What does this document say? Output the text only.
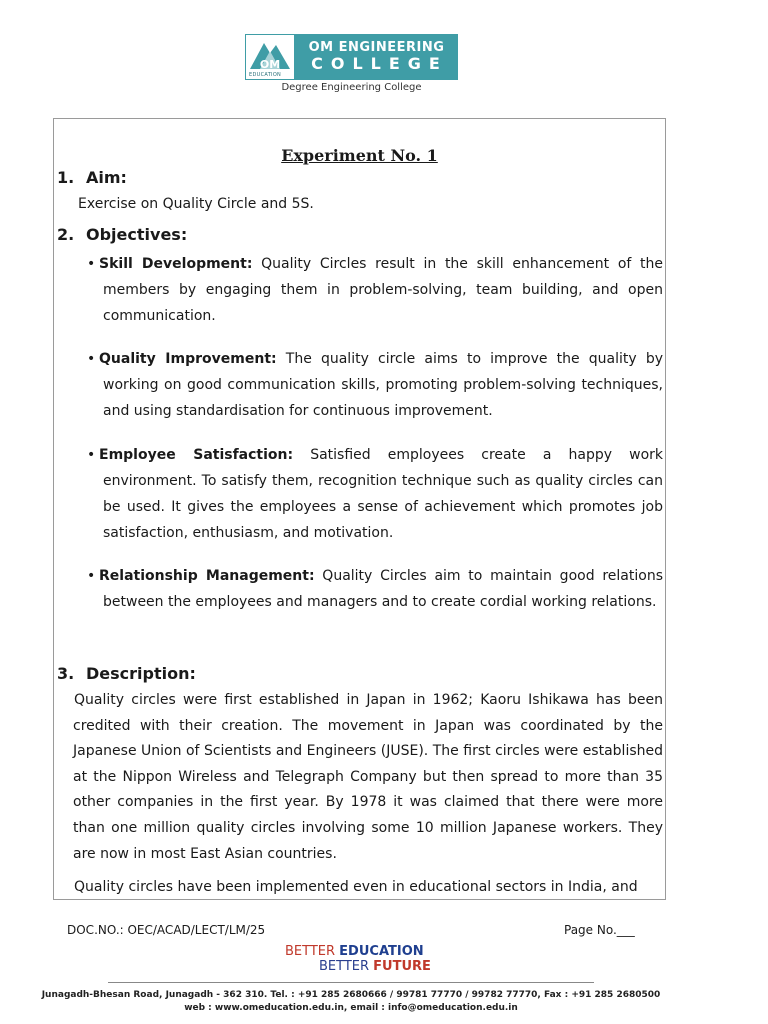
OM
EDUCATION
OM ENGINEERING
COLLEGE
Degree Engineering College
Experiment No. 1
1. Aim:

Exercise on Quality Circle and 5S.

2. Objectives:

• Skill Development: Quality Circles result in the skill enhancement of the members by engaging them in problem-solving, team building, and open communication.

• Quality Improvement: The quality circle aims to improve the quality by working on good communication skills, promoting problem-solving techniques, and using standardisation for continuous improvement.

• Employee Satisfaction: Satisfied employees create a happy work environment. To satisfy them, recognition technique such as quality circles can be used. It gives the employees a sense of achievement which promotes job satisfaction, enthusiasm, and motivation.

• Relationship Management: Quality Circles aim to maintain good relations between the employees and managers and to create cordial working relations.

3. Description:

Quality circles were first established in Japan in 1962; Kaoru Ishikawa has been credited with their creation. The movement in Japan was coordinated by the Japanese Union of Scientists and Engineers (JUSE). The first circles were established at the Nippon Wireless and Telegraph Company but then spread to more than 35 other companies in the first year. By 1978 it was claimed that there were more than one million quality circles involving some 10 million Japanese workers. They are now in most East Asian countries.

Quality circles have been implemented even in educational sectors in India, and

DOC.NO.: OEC/ACAD/LECT/LM/25	Page No.___
BETTER EDUCATION
BETTER FUTURE
Junagadh-Bhesan Road, Junagadh - 362 310. Tel. : +91 285 2680666 / 99781 77770 / 99782 77770, Fax : +91 285 2680500
web : www.omeducation.edu.in, email : info@omeducation.edu.in
